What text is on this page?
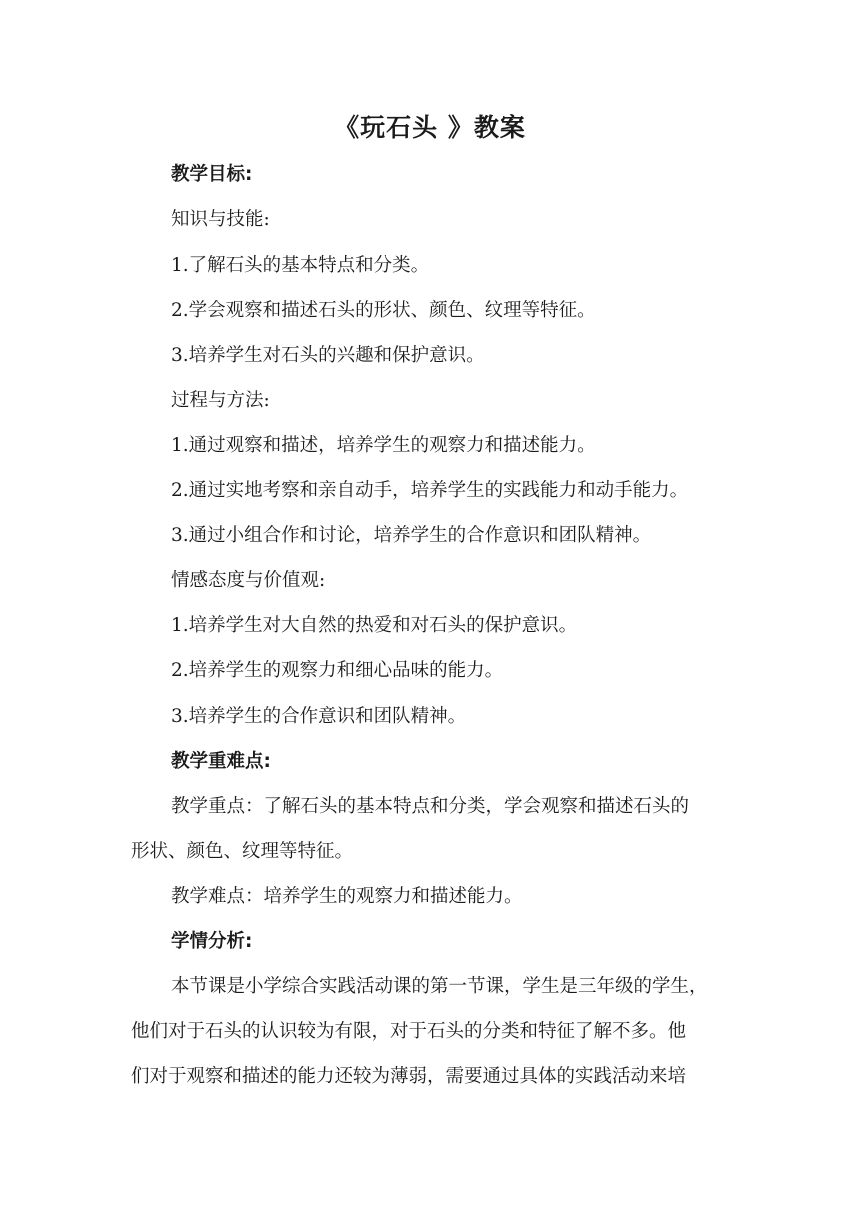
《玩石头 》教案
教学目标:
知识与技能:
1.了解石头的基本特点和分类。
2.学会观察和描述石头的形状、颜色、纹理等特征。
3.培养学生对石头的兴趣和保护意识。
过程与方法:
1.通过观察和描述，培养学生的观察力和描述能力。
2.通过实地考察和亲自动手，培养学生的实践能力和动手能力。
3.通过小组合作和讨论，培养学生的合作意识和团队精神。
情感态度与价值观:
1.培养学生对大自然的热爱和对石头的保护意识。
2.培养学生的观察力和细心品味的能力。
3.培养学生的合作意识和团队精神。
教学重难点:
教学重点：了解石头的基本特点和分类，学会观察和描述石头的
形状、颜色、纹理等特征。
教学难点：培养学生的观察力和描述能力。
学情分析:
本节课是小学综合实践活动课的第一节课，学生是三年级的学生，
他们对于石头的认识较为有限，对于石头的分类和特征了解不多。他
们对于观察和描述的能力还较为薄弱，需要通过具体的实践活动来培
